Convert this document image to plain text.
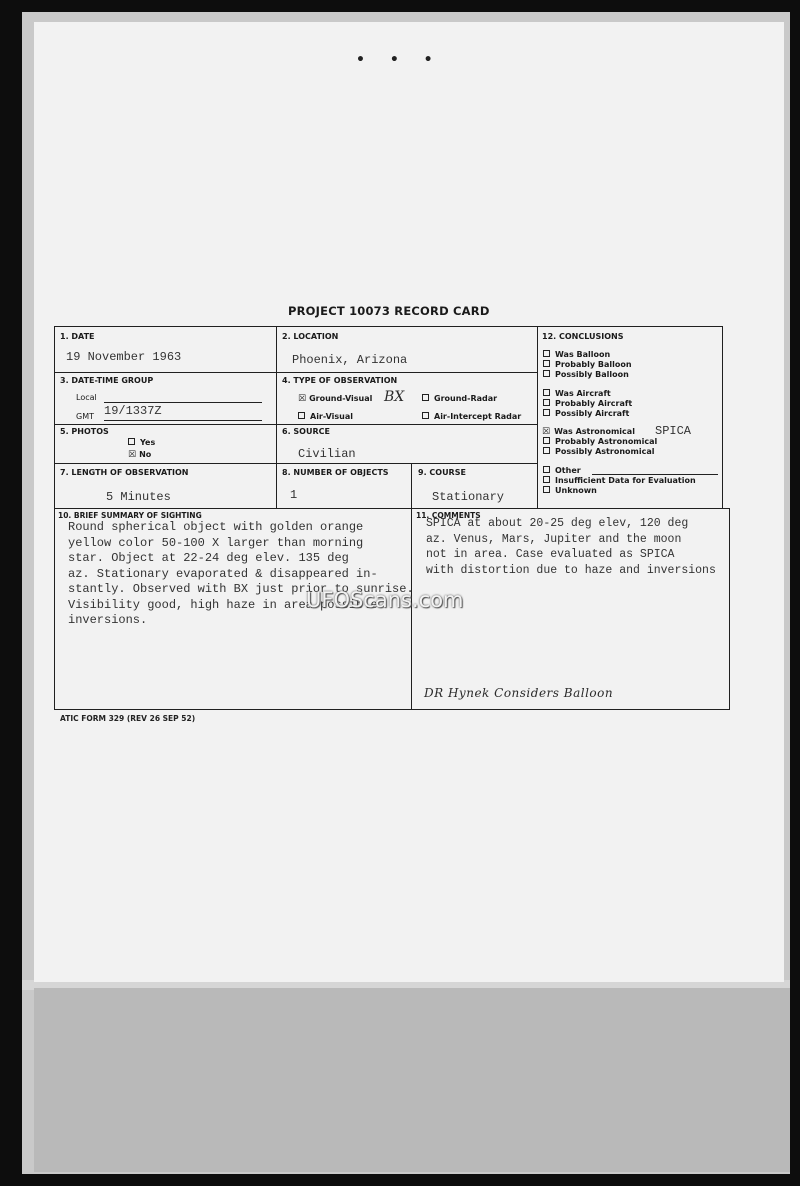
• • •
PROJECT 10073 RECORD CARD
1. DATE
19 November 1963
2. LOCATION
Phoenix, Arizona
3. DATE-TIME GROUP
Local
GMT 19/1337Z
4. TYPE OF OBSERVATION
☒ Ground-Visual BX	Ground-Radar
Air-Visual	Air-Intercept Radar
5. PHOTOS
Yes
☒ No
6. SOURCE
Civilian
7. LENGTH OF OBSERVATION
5 Minutes
8. NUMBER OF OBJECTS
1
9. COURSE
Stationary
10. BRIEF SUMMARY OF SIGHTING
Round spherical object with golden orange
yellow color 50-100 X larger than morning
star. Object at 22-24 deg elev. 135 deg
az. Stationary evaporated & disappeared in-
stantly. Observed with BX just prior to sunrise.
Visibility good, high haze in area possible
inversions.
11. COMMENTS
SPICA at about 20-25 deg elev, 120 deg
az. Venus, Mars, Jupiter and the moon
not in area. Case evaluated as SPICA
with distortion due to haze and inversions
DR Hynek Considers Balloon
12. CONCLUSIONS
Was Balloon
Probably Balloon
Possibly Balloon
Was Aircraft
Probably Aircraft
Possibly Aircraft
☒ Was Astronomical
Probably Astronomical
Possibly Astronomical
SPICA
Other
Insufficient Data for Evaluation
Unknown
ATIC FORM 329 (REV 26 SEP 52)
UFOScans.com
